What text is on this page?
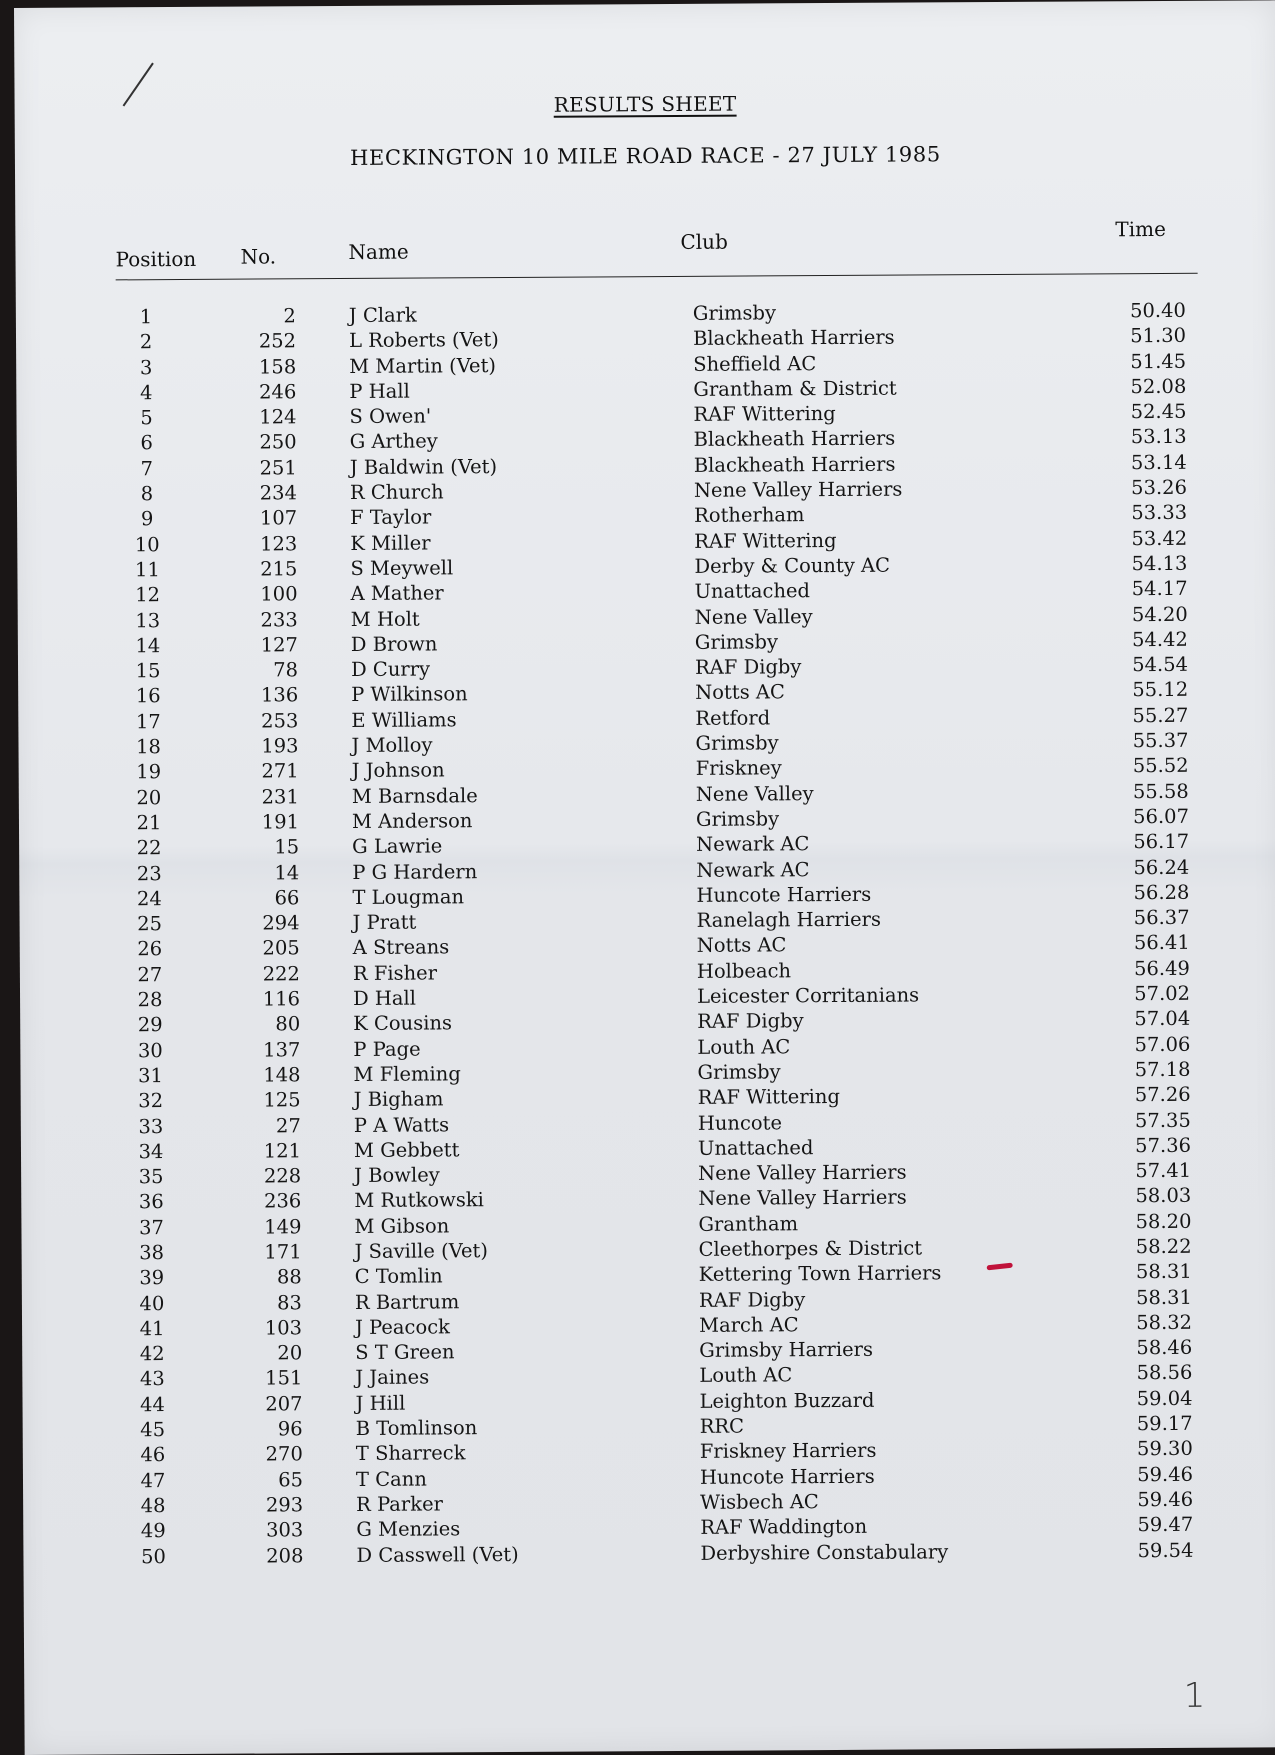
RESULTS SHEET
HECKINGTON 10 MILE ROAD RACE - 27 JULY 1985
Position No.	Name	Club
Time
1	2	J Clark	Grimsby	50.40
2	252	L Roberts (Vet)	Blackheath Harriers	51.30
3	158	M Martin (Vet)	Sheffield AC	51.45
4	246	P Hall	Grantham & District	52.08
5	124	S Owen'	RAF Wittering	52.45
6	250	G Arthey	Blackheath Harriers	53.13
7	251	J Baldwin (Vet)	Blackheath Harriers	53.14
8	234	R Church	Nene Valley Harriers	53.26
9	107	F Taylor	Rotherham	53.33
10	123	K Miller	RAF Wittering	53.42
11	215	S Meywell	Derby & County AC	54.13
12	100	A Mather	Unattached	54.17
13	233	M Holt	Nene Valley	54.20
14	127	D Brown	Grimsby	54.42
15	78	D Curry	RAF Digby	54.54
16	136	P Wilkinson	Notts AC	55.12
17	253	E Williams	Retford	55.27
18	193	J Molloy	Grimsby	55.37
19	271	J Johnson	Friskney	55.52
20	231	M Barnsdale	Nene Valley	55.58
21	191	M Anderson	Grimsby	56.07
22	15	G Lawrie	Newark AC	56.17
23	14	P G Hardern	Newark AC	56.24
24	66	T Lougman	Huncote Harriers	56.28
25	294	J Pratt	Ranelagh Harriers	56.37
26	205	A Streans	Notts AC	56.41
27	222	R Fisher	Holbeach	56.49
28	116	D Hall	Leicester Corritanians	57.02
29	80	K Cousins	RAF Digby	57.04
30	137	P Page	Louth AC	57.06
31	148	M Fleming	Grimsby	57.18
32	125	J Bigham	RAF Wittering	57.26
33	27	P A Watts	Huncote	57.35
34	121	M Gebbett	Unattached	57.36
35	228	J Bowley	Nene Valley Harriers	57.41
36	236	M Rutkowski	Nene Valley Harriers	58.03
37	149	M Gibson	Grantham	58.20
38	171	J Saville (Vet)	Cleethorpes & District	58.22
39	88	C Tomlin	Kettering Town Harriers	58.31
40	83	R Bartrum	RAF Digby	58.31
41	103	J Peacock	March AC	58.32
42	20	S T Green	Grimsby Harriers	58.46
43	151	J Jaines	Louth AC	58.56
44	207	J Hill	Leighton Buzzard	59.04
45	96	B Tomlinson	RRC	59.17
46	270	T Sharreck	Friskney Harriers	59.30
47	65	T Cann	Huncote Harriers	59.46
48	293	R Parker	Wisbech AC	59.46
49	303	G Menzies	RAF Waddington	59.47
50	208	D Casswell (Vet)	Derbyshire Constabulary	59.54
1
